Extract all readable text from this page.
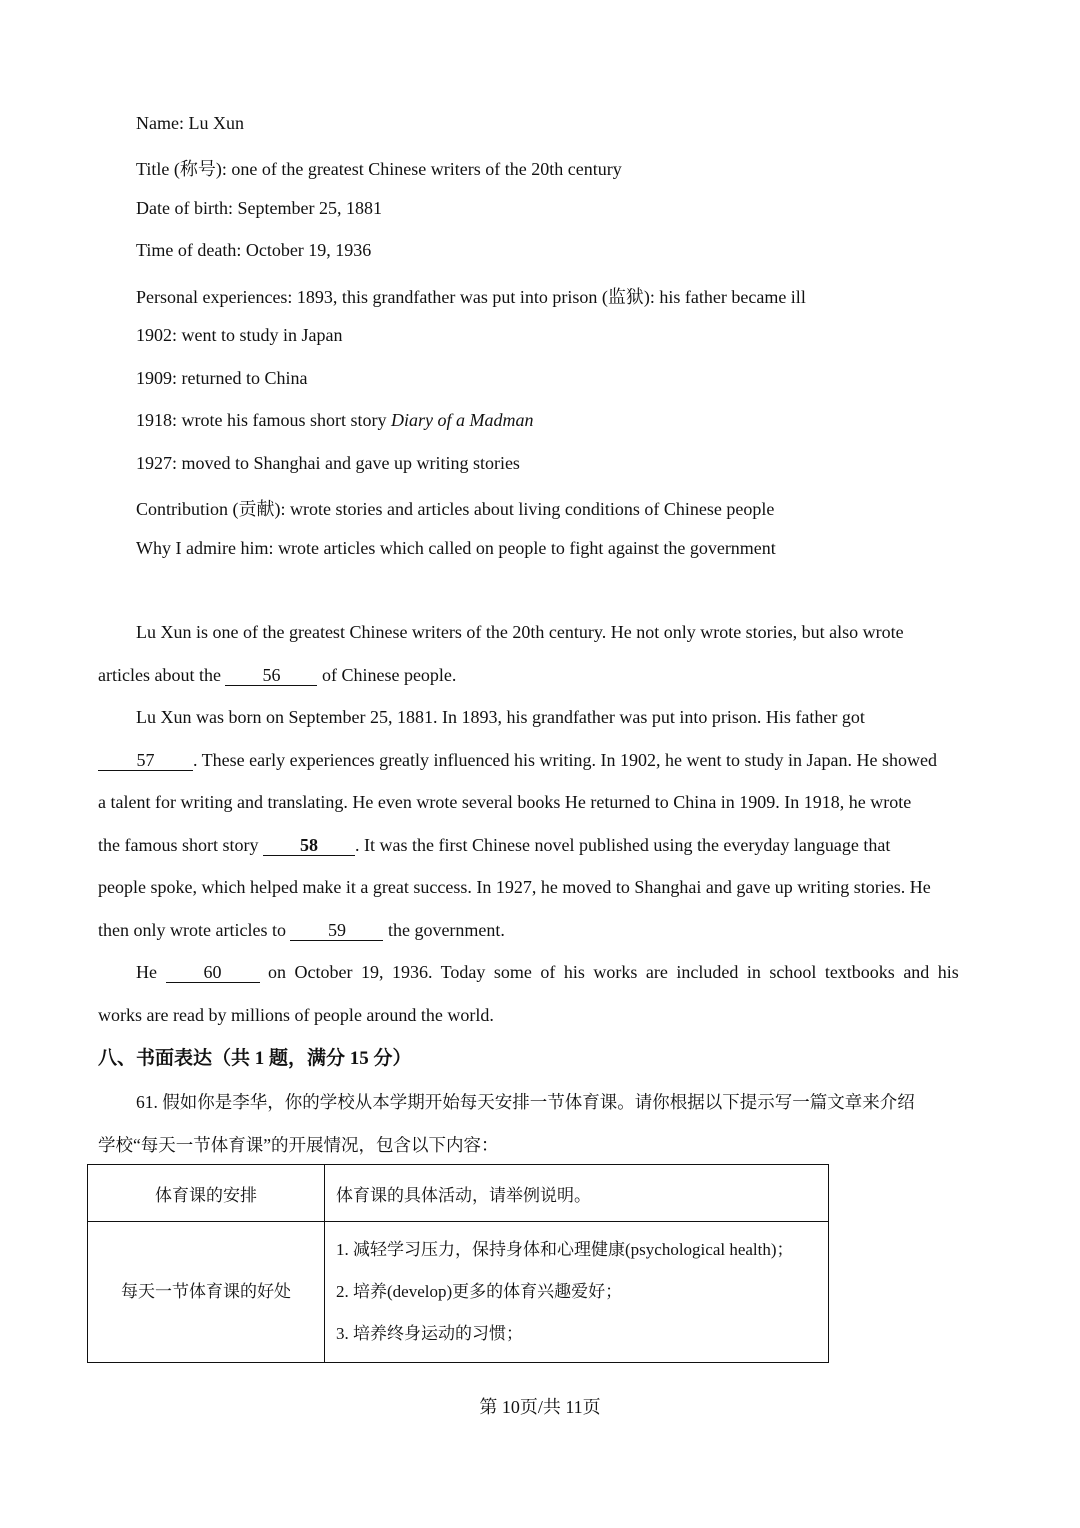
Name: Lu Xun
Title (称号): one of the greatest Chinese writers of the 20th century
Date of birth: September 25, 1881
Time of death: October 19, 1936
Personal experiences: 1893, this grandfather was put into prison (监狱): his father became ill
1902: went to study in Japan
1909: returned to China
1918: wrote his famous short story Diary of a Madman
1927: moved to Shanghai and gave up writing stories
Contribution (贡献): wrote stories and articles about living conditions of Chinese people
Why I admire him: wrote articles which called on people to fight against the government
Lu Xun is one of the greatest Chinese writers of the 20th century. He not only wrote stories, but also wrote
articles about the 56 of Chinese people.
Lu Xun was born on September 25, 1881. In 1893, his grandfather was put into prison. His father got
57 . These early experiences greatly influenced his writing. In 1902, he went to study in Japan. He showed
a talent for writing and translating. He even wrote several books He returned to China in 1909. In 1918, he wrote
the famous short story 58 . It was the first Chinese novel published using the everyday language that
people spoke, which helped make it a great success. In 1927, he moved to Shanghai and gave up writing stories. He
then only wrote articles to 59 the government.
He	60	on October 19, 1936. Today some of his works are included in school textbooks and his
works are read by millions of people around the world.
八、书面表达（共 1 题，满分 15 分）
61. 假如你是李华，你的学校从本学期开始每天安排一节体育课。请你根据以下提示写一篇文章来介绍
学校“每天一节体育课”的开展情况，包含以下内容：
体育课的安排	体育课的具体活动，请举例说明。
每天一节体育课的好处	1. 减轻学习压力，保持身体和心理健康(psychological health)；
2. 培养(develop)更多的体育兴趣爱好；
3. 培养终身运动的习惯；
第 10页/共 11页
